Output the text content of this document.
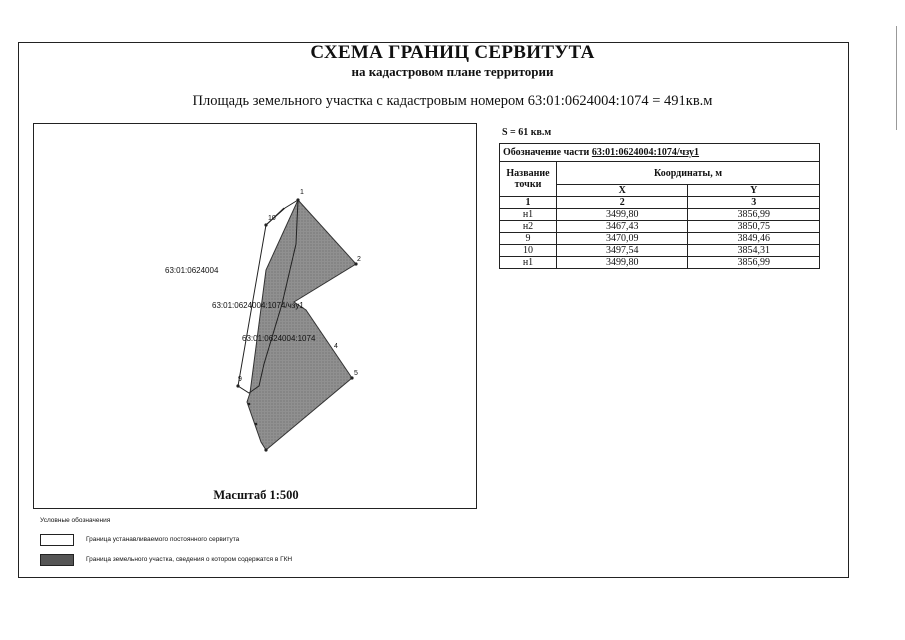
СХЕМА ГРАНИЦ СЕРВИТУТА
на кадастровом плане территории
Площадь земельного участка с кадастровым номером 63:01:0624004:1074 = 491кв.м
1
2
4
5
9
10
63:01:0624004
63:01:0624004:1074/чзу1
63:01:0624004:1074
Масштаб 1:500
S = 61 кв.м
Обозначение части 63:01:0624004:1074/чзу1		
Название точки	Координаты, м	
	X	Y
1	2	3
н1	3499,80	3856,99
н2	3467,43	3850,75
9	3470,09	3849,46
10	3497,54	3854,31
н1	3499,80	3856,99
Условные обозначения
Граница устанавливаемого постоянного сервитута
Граница земельного участка, сведения о котором содержатся в ГКН
